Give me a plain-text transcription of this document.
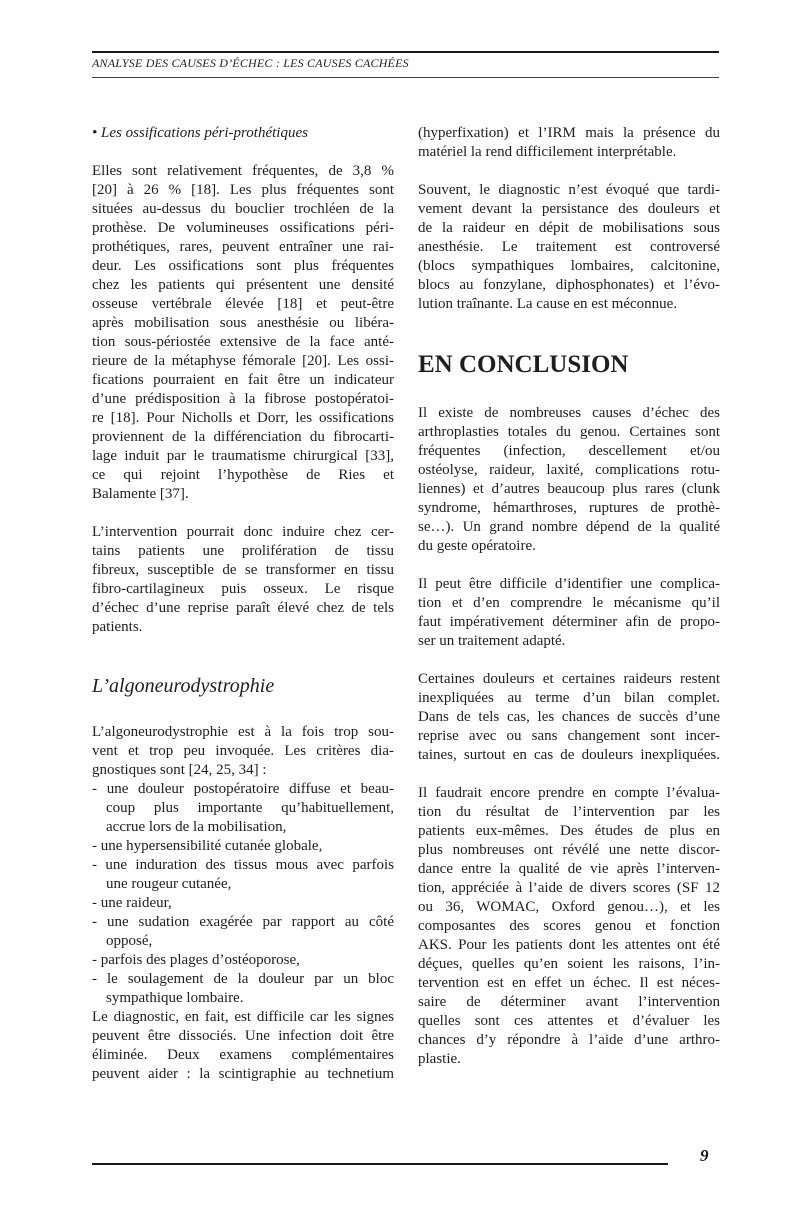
ANALYSE DES CAUSES D’ÉCHEC : LES CAUSES CACHÉES
• Les ossifications péri-prothétiques
Elles sont relativement fréquentes, de 3,8 %
[20] à 26 % [18]. Les plus fréquentes sont
situées au-dessus du bouclier trochléen de la
prothèse. De volumineuses ossifications péri-
prothétiques, rares, peuvent entraîner une rai-
deur. Les ossifications sont plus fréquentes
chez les patients qui présentent une densité
osseuse vertébrale élevée [18] et peut-être
après mobilisation sous anesthésie ou libéra-
tion sous-périostée extensive de la face anté-
rieure de la métaphyse fémorale [20]. Les ossi-
fications pourraient en fait être un indicateur
d’une prédisposition à la fibrose postopératoi-
re [18]. Pour Nicholls et Dorr, les ossifications
proviennent de la différenciation du fibrocarti-
lage induit par le traumatisme chirurgical [33],
ce qui rejoint l’hypothèse de Ries et
Balamente [37].
L’intervention pourrait donc induire chez cer-
tains patients une prolifération de tissu
fibreux, susceptible de se transformer en tissu
fibro-cartilagineux puis osseux. Le risque
d’échec d’une reprise paraît élevé chez de tels
patients.
L’algoneurodystrophie
L’algoneurodystrophie est à la fois trop sou-
vent et trop peu invoquée. Les critères dia-
gnostiques sont [24, 25, 34] :
- une douleur postopératoire diffuse et beau-
coup plus importante qu’habituellement,
accrue lors de la mobilisation,
- une hypersensibilité cutanée globale,
- une induration des tissus mous avec parfois
une rougeur cutanée,
- une raideur,
- une sudation exagérée par rapport au côté
opposé,
- parfois des plages d’ostéoporose,
- le soulagement de la douleur par un bloc
sympathique lombaire.
Le diagnostic, en fait, est difficile car les signes
peuvent être dissociés. Une infection doit être
éliminée. Deux examens complémentaires
peuvent aider : la scintigraphie au technetium
(hyperfixation) et l’IRM mais la présence du
matériel la rend difficilement interprétable.
Souvent, le diagnostic n’est évoqué que tardi-
vement devant la persistance des douleurs et
de la raideur en dépit de mobilisations sous
anesthésie. Le traitement est controversé
(blocs sympathiques lombaires, calcitonine,
blocs au fonzylane, diphosphonates) et l’évo-
lution traînante. La cause en est méconnue.
EN CONCLUSION
Il existe de nombreuses causes d’échec des
arthroplasties totales du genou. Certaines sont
fréquentes (infection, descellement et/ou
ostéolyse, raideur, laxité, complications rotu-
liennes) et d’autres beaucoup plus rares (clunk
syndrome, hémarthroses, ruptures de prothè-
se…). Un grand nombre dépend de la qualité
du geste opératoire.
Il peut être difficile d’identifier une complica-
tion et d’en comprendre le mécanisme qu’il
faut impérativement déterminer afin de propo-
ser un traitement adapté.
Certaines douleurs et certaines raideurs restent
inexpliquées au terme d’un bilan complet.
Dans de tels cas, les chances de succès d’une
reprise avec ou sans changement sont incer-
taines, surtout en cas de douleurs inexpliquées.
Il faudrait encore prendre en compte l’évalua-
tion du résultat de l’intervention par les
patients eux-mêmes. Des études de plus en
plus nombreuses ont révélé une nette discor-
dance entre la qualité de vie après l’interven-
tion, appréciée à l’aide de divers scores (SF 12
ou 36, WOMAC, Oxford genou…), et les
composantes des scores genou et fonction
AKS. Pour les patients dont les attentes ont été
déçues, quelles qu’en soient les raisons, l’in-
tervention est en effet un échec. Il est néces-
saire de déterminer avant l’intervention
quelles sont ces attentes et d’évaluer les
chances d’y répondre à l’aide d’une arthro-
plastie.
9
